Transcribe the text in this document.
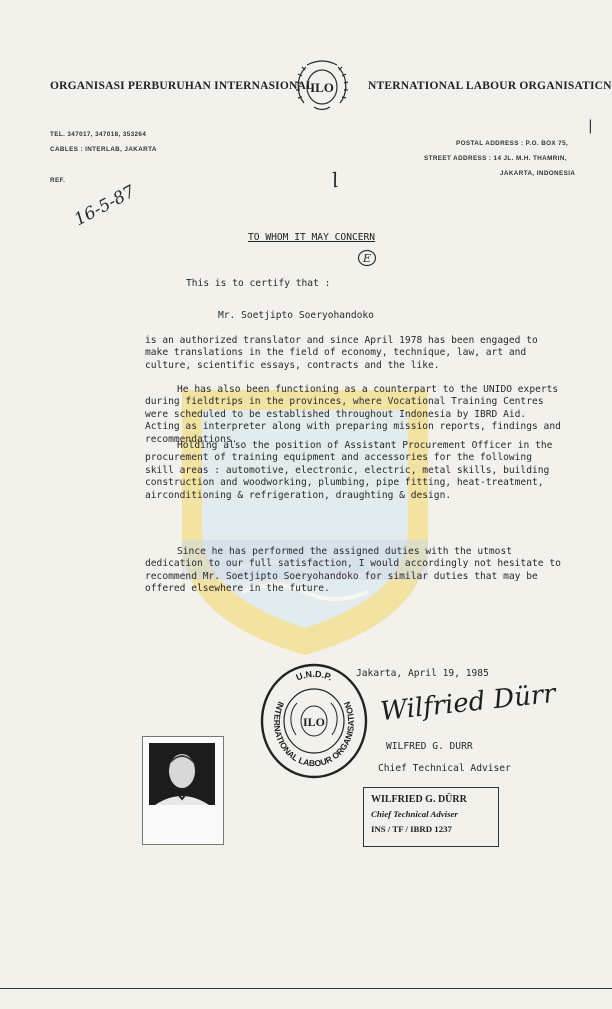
ORGANISASI PERBURUHAN INTERNASIONAL
ILO	NTERNATIONAL LABOUR ORGANISATICN
TEL. 347017, 347018, 353264
CABLES : INTERLAB, JAKARTA
REF.
POSTAL ADDRESS : P.O. BOX 75,
STREET ADDRESS : 14 JL. M.H. THAMRIN,
JAKARTA, INDONESIA
16-5-87
l
|
TO WHOM IT MAY CONCERN
E

This is to certify that :

Mr. Soetjipto Soeryohandoko

is an authorized translator and since April 1978 has been engaged to make translations in the field of economy, technique, law, art and culture, scientific essays, contracts and the like.

He has also been functioning as a counterpart to the UNIDO experts during fieldtrips in the provinces, where Vocational Training Centres were scheduled to be established throughout Indonesia by IBRD Aid. Acting as interpreter along with preparing mission reports, findings and recommendations.

Holding also the position of Assistant Procurement Officer in the procurement of training equipment and accessories for the following skill areas : automotive, electronic, electric, metal skills, building construction and woodworking, plumbing, pipe fitting, heat-treatment, airconditioning & refrigeration, draughting & design.

Since he has performed the assigned duties with the utmost dedication to our full satisfaction, I would accordingly not hesitate to recommend Mr. Soetjipto Soeryohandoko for similar duties that may be offered elsewhere in the future.

Jakarta, April 19, 1985
Wilfried Dürr
WILFRED G. DURR
Chief Technical Adviser
U.N.D.P.
INTERNATIONAL LABOUR ORGANISATION
ILO
WILFRIED G. DÜRR
Chief Technical Adviser
INS / TF / IBRD 1237
